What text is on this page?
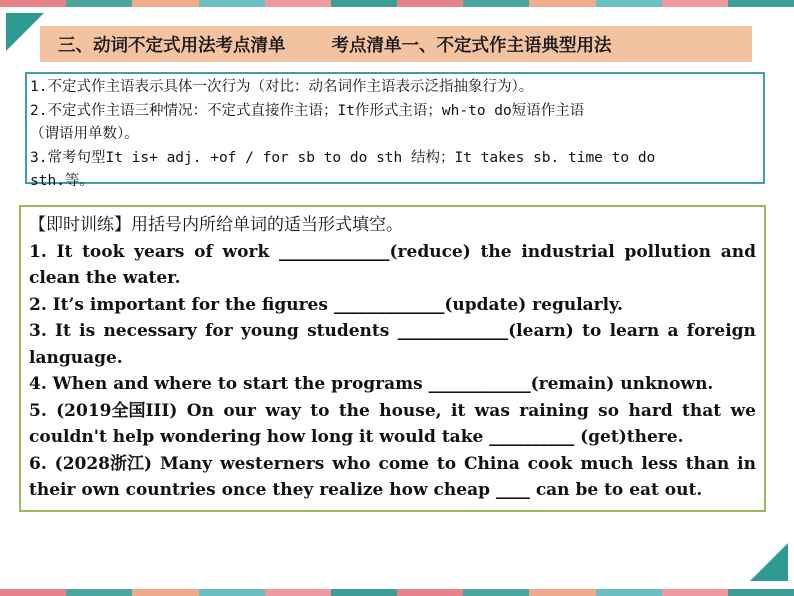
三、动词不定式用法考点清单	考点清单一、不定式作主语典型用法
1.不定式作主语表示具体一次行为（对比：动名词作主语表示泛指抽象行为）。
2.不定式作主语三种情况：不定式直接作主语；It作形式主语；wh-to do短语作主语
（谓语用单数）。
3.常考句型It is+ adj. +of / for sb to do sth 结构；It takes sb. time to do
sth.等。
【即时训练】用括号内所给单词的适当形式填空。
1. It took years of work _____________(reduce) the industrial pollution and
clean the water.
2. It’s important for the figures _____________(update) regularly.
3. It is necessary for young students _____________(learn) to learn a foreign
language.
4. When and where to start the programs ____________(remain) unknown.
5. (2019全国III) On our way to the house, it was raining so hard that we
couldn't help wondering how long it would take __________ (get)there.
6. (2028浙江) Many westerners who come to China cook much less than in
their own countries once they realize how cheap ____ can be to eat out.
